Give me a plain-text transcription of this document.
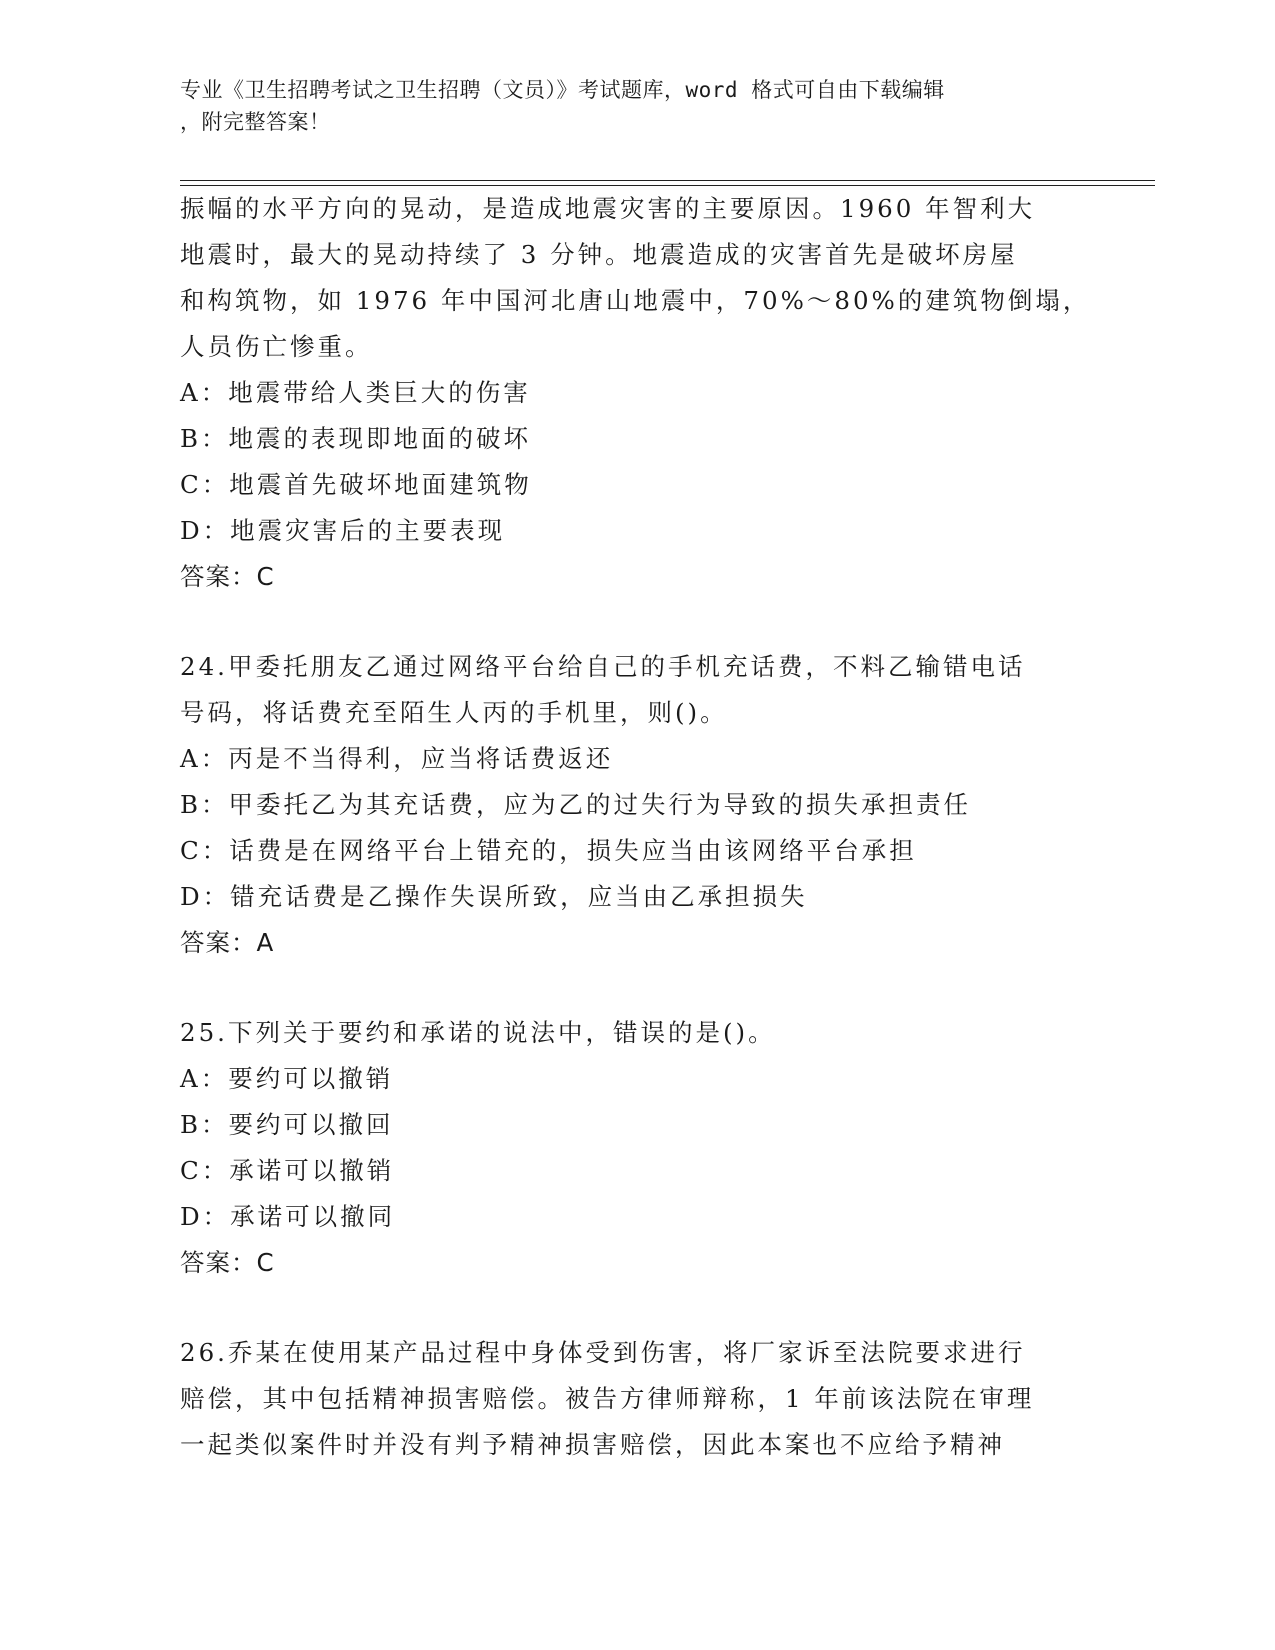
专业《卫生招聘考试之卫生招聘（文员）》考试题库，word 格式可自由下载编辑
，附完整答案！
振幅的水平方向的晃动，是造成地震灾害的主要原因。1960 年智利大
地震时，最大的晃动持续了 3 分钟。地震造成的灾害首先是破坏房屋
和构筑物，如 1976 年中国河北唐山地震中，70%～80%的建筑物倒塌，
人员伤亡惨重。
A：地震带给人类巨大的伤害
B：地震的表现即地面的破坏
C：地震首先破坏地面建筑物
D：地震灾害后的主要表现
答案：C
24.甲委托朋友乙通过网络平台给自己的手机充话费，不料乙输错电话
号码，将话费充至陌生人丙的手机里，则()。
A：丙是不当得利，应当将话费返还
B：甲委托乙为其充话费，应为乙的过失行为导致的损失承担责任
C：话费是在网络平台上错充的，损失应当由该网络平台承担
D：错充话费是乙操作失误所致，应当由乙承担损失
答案：A
25.下列关于要约和承诺的说法中，错误的是()。
A：要约可以撤销
B：要约可以撤回
C：承诺可以撤销
D：承诺可以撤同
答案：C
26.乔某在使用某产品过程中身体受到伤害，将厂家诉至法院要求进行
赔偿，其中包括精神损害赔偿。被告方律师辩称，1 年前该法院在审理
一起类似案件时并没有判予精神损害赔偿，因此本案也不应给予精神
